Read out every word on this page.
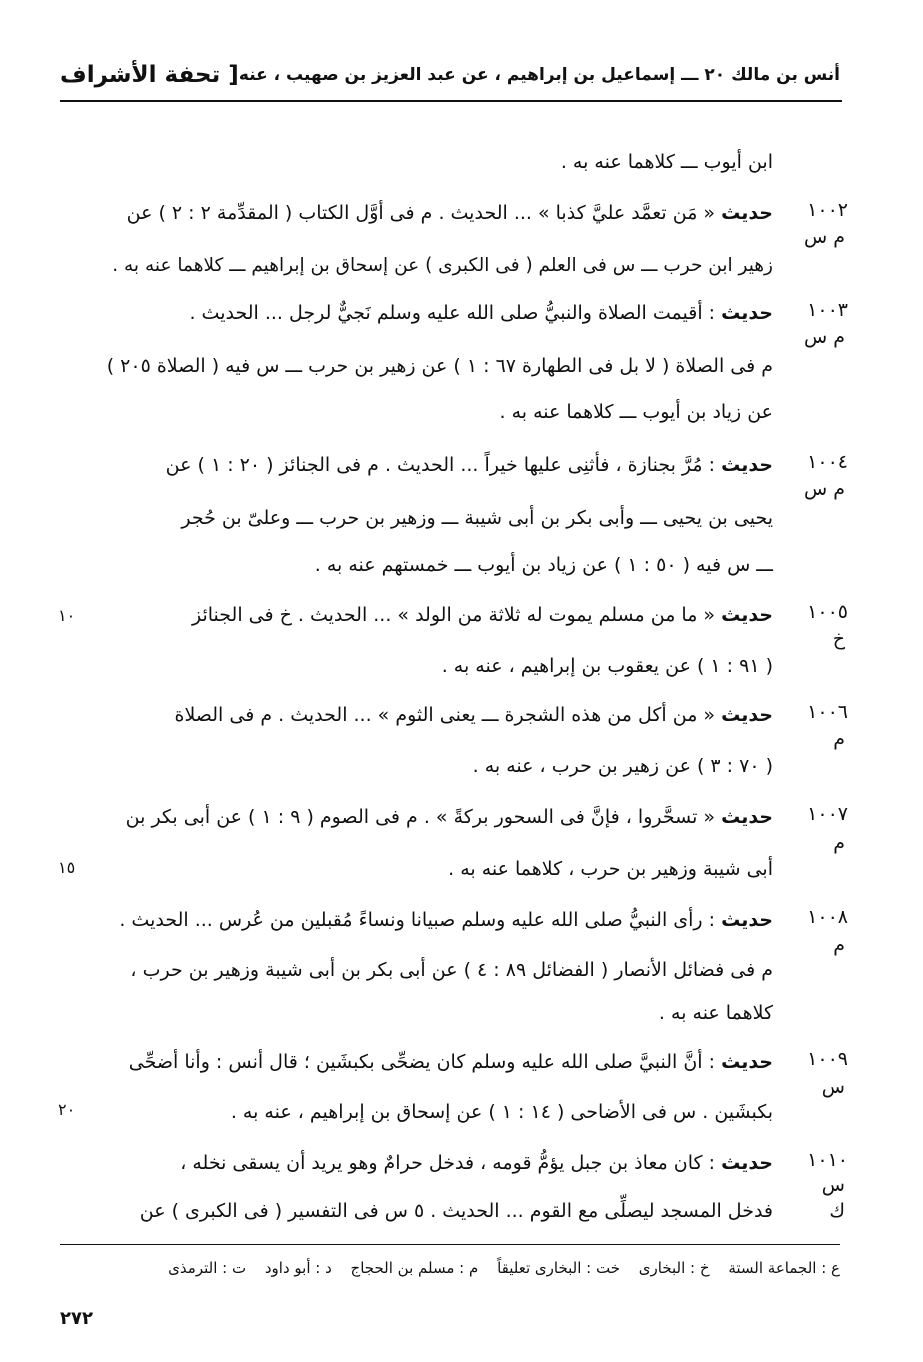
أنس بن مالك ٢٠ ـــ إسماعيل بن إبراهيم ، عن عبد العزيز بن صهيب ، عنه
[ تحفة الأشراف
ابن أيوب ـــ كلاهما عنه به .
١٠٠٢
م س
حديث « مَن تعمَّد عليَّ كذبا » ... الحديث . م فى أوَّل الكتاب ( المقدِّمة ٢ : ٢ ) عن
زهير ابن حرب ـــ س فى العلم ( فى الكبرى ) عن إسحاق بن إبراهيم ـــ كلاهما عنه به .
١٠٠٣
م س
حديث : أقيمت الصلاة والنبيُّ صلى الله عليه وسلم نَجيٌّ لرجل ... الحديث .
م فى الصلاة ( لا بل فى الطهارة ٦٧ : ١ ) عن زهير بن حرب ـــ س فيه ( الصلاة ٢٠٥ )
عن زياد بن أيوب ـــ كلاهما عنه به .
١٠٠٤
م س
حديث : مُرَّ بجنازة ، فأثنِى عليها خيراً ... الحديث . م فى الجنائز ( ٢٠ : ١ ) عن
يحيى بن يحيى ـــ وأبى بكر بن أبى شيبة ـــ وزهير بن حرب ـــ وعلىّ بن حُجر
ـــ س فيه ( ٥٠ : ١ ) عن زياد بن أيوب ـــ خمستهم عنه به .
١٠٠٥
خ
حديث « ما من مسلم يموت له ثلاثة من الولد » ... الحديث . خ فى الجنائز
( ٩١ : ١ ) عن يعقوب بن إبراهيم ، عنه به .
١٠٠٦
م
حديث « من أكل من هذه الشجرة ـــ يعنى الثوم » ... الحديث . م فى الصلاة
( ٧٠ : ٣ ) عن زهير بن حرب ، عنه به .
١٠٠٧
م
حديث « تسحَّروا ، فإنَّ فى السحور بركةً » . م فى الصوم ( ٩ : ١ ) عن أبى بكر بن
أبى شيبة وزهير بن حرب ، كلاهما عنه به .
١٠٠٨
م
حديث : رأى النبيُّ صلى الله عليه وسلم صبيانا ونساءً مُقبلين من عُرس ... الحديث .
م فى فضائل الأنصار ( الفضائل ٨٩ : ٤ ) عن أبى بكر بن أبى شيبة وزهير بن حرب ،
كلاهما عنه به .
١٠٠٩
س
حديث : أنَّ النبيَّ صلى الله عليه وسلم كان يضحِّى بكبشَين ؛ قال أنس : وأنا أضحِّى
بكبشَين . س فى الأضاحى ( ١٤ : ١ ) عن إسحاق بن إبراهيم ، عنه به .
١٠١٠
س
ك
حديث : كان معاذ بن جبل يؤمُّ قومه ، فدخل حرامٌ وهو يريد أن يسقى نخله ،
فدخل المسجد ليصلِّى مع القوم ... الحديث . ٥ س فى التفسير ( فى الكبرى ) عن
١٠
١٥
٢٠
ع : الجماعة الستة خ : البخارى خت : البخارى تعليقاً م : مسلم بن الحجاج د : أبو داود ت : الترمذى
٢٧٢
